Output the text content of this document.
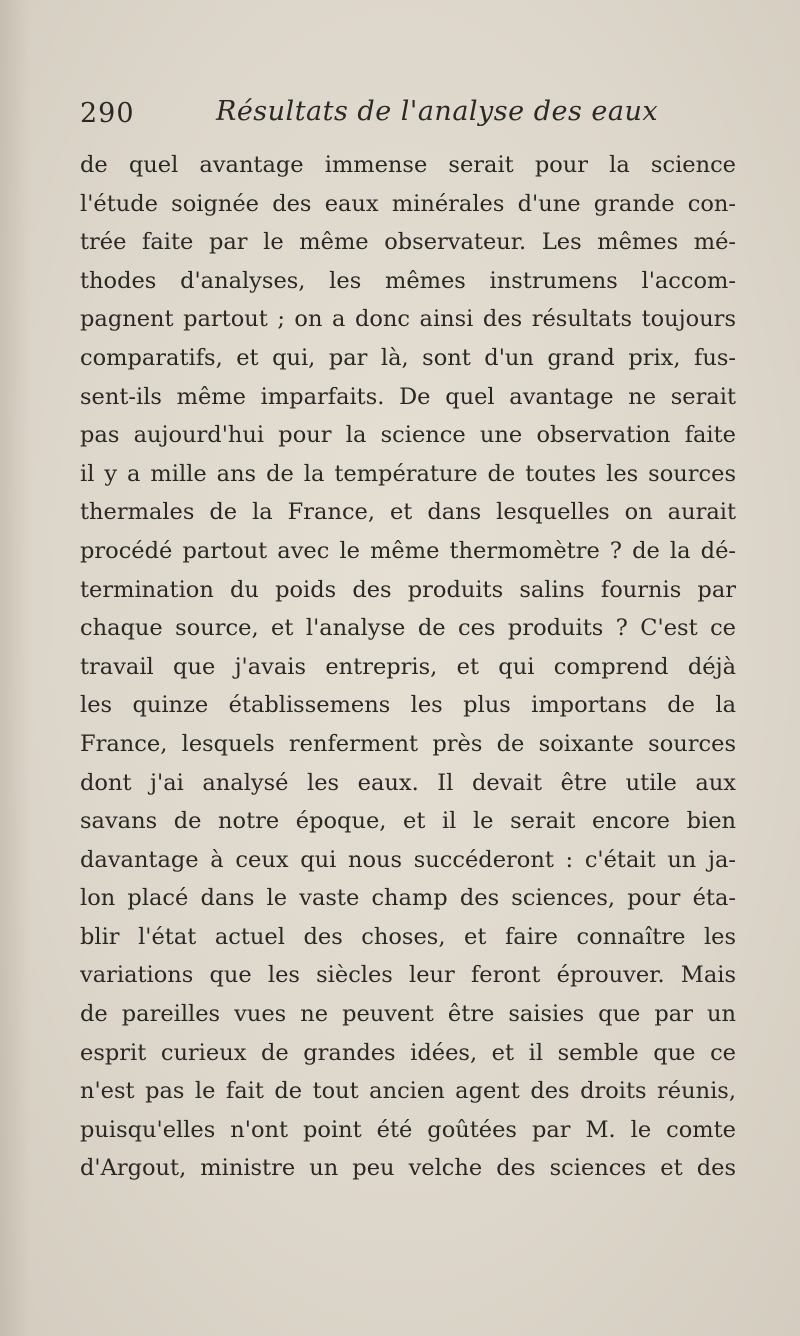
290	Résultats de l'analyse des eaux
de quel avantage immense serait pour la science
l'étude soignée des eaux minérales d'une grande con-
trée faite par le même observateur. Les mêmes mé-
thodes d'analyses, les mêmes instrumens l'accom-
pagnent partout ; on a donc ainsi des résultats toujours
comparatifs, et qui, par là, sont d'un grand prix, fus-
sent-ils même imparfaits. De quel avantage ne serait
pas aujourd'hui pour la science une observation faite
il y a mille ans de la température de toutes les sources
thermales de la France, et dans lesquelles on aurait
procédé partout avec le même thermomètre ? de la dé-
termination du poids des produits salins fournis par
chaque source, et l'analyse de ces produits ? C'est ce
travail que j'avais entrepris, et qui comprend déjà
les quinze établissemens les plus importans de la
France, lesquels renferment près de soixante sources
dont j'ai analysé les eaux. Il devait être utile aux
savans de notre époque, et il le serait encore bien
davantage à ceux qui nous succéderont : c'était un ja-
lon placé dans le vaste champ des sciences, pour éta-
blir l'état actuel des choses, et faire connaître les
variations que les siècles leur feront éprouver. Mais
de pareilles vues ne peuvent être saisies que par un
esprit curieux de grandes idées, et il semble que ce
n'est pas le fait de tout ancien agent des droits réunis,
puisqu'elles n'ont point été goûtées par M. le comte
d'Argout, ministre un peu velche des sciences et des
